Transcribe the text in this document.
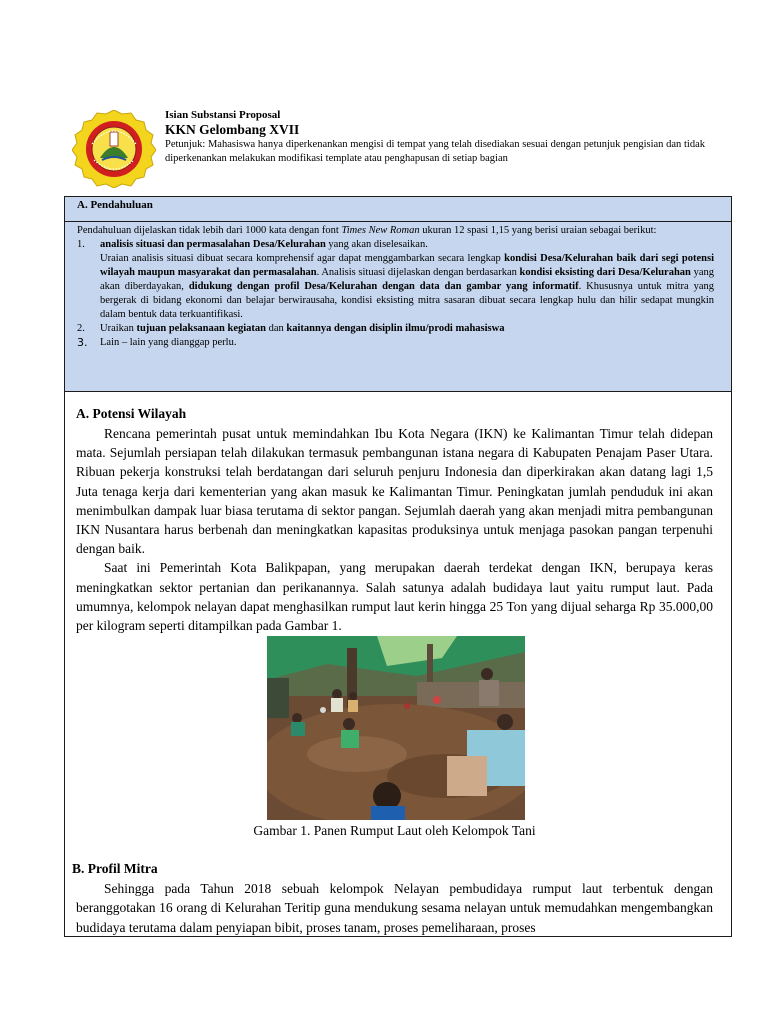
Isian Substansi Proposal
KKN Gelombang XVII
Petunjuk: Mahasiswa hanya diperkenankan mengisi di tempat yang telah disediakan sesuai dengan petunjuk pengisian dan tidak diperkenankan melakukan modifikasi template atau penghapusan di setiap bagian
A. Pendahuluan
Pendahuluan dijelaskan tidak lebih dari 1000 kata dengan font Times New Roman ukuran 12 spasi 1,15 yang berisi uraian sebagai berikut:
1. analisis situasi dan permasalahan Desa/Kelurahan yang akan diselesaikan.
Uraian analisis situasi dibuat secara komprehensif agar dapat menggambarkan secara lengkap kondisi Desa/Kelurahan baik dari segi potensi wilayah maupun masyarakat dan permasalahan. Analisis situasi dijelaskan dengan berdasarkan kondisi eksisting dari Desa/Kelurahan yang akan diberdayakan, didukung dengan profil Desa/Kelurahan dengan data dan gambar yang informatif. Khususnya untuk mitra yang bergerak di bidang ekonomi dan belajar berwirausaha, kondisi eksisting mitra sasaran dibuat secara lengkap hulu dan hilir sedapat mungkin dalam bentuk data terkuantifikasi.
2. Uraikan tujuan pelaksanaan kegiatan dan kaitannya dengan disiplin ilmu/prodi mahasiswa
3. Lain – lain yang dianggap perlu.
A. Potensi Wilayah

Rencana pemerintah pusat untuk memindahkan Ibu Kota Negara (IKN) ke Kalimantan Timur telah didepan mata. Sejumlah persiapan telah dilakukan termasuk pembangunan istana negara di Kabupaten Penajam Paser Utara. Ribuan pekerja konstruksi telah berdatangan dari seluruh penjuru Indonesia dan diperkirakan akan datang lagi 1,5 Juta tenaga kerja dari kementerian yang akan masuk ke Kalimantan Timur. Peningkatan jumlah penduduk ini akan menimbulkan dampak luar biasa terutama di sektor pangan. Sejumlah daerah yang akan menjadi mitra pembangunan IKN Nusantara harus berbenah dan meningkatkan kapasitas produksinya untuk menjaga pasokan pangan terpenuhi dengan baik.

Saat ini Pemerintah Kota Balikpapan, yang merupakan daerah terdekat dengan IKN, berupaya keras meningkatkan sektor pertanian dan perikanannya. Salah satunya adalah budidaya laut yaitu rumput laut. Pada umumnya, kelompok nelayan dapat menghasilkan rumput laut kerin hingga 25 Ton yang dijual seharga Rp 35.000,00 per kilogram seperti ditampilkan pada Gambar 1.

Gambar 1. Panen Rumput Laut oleh Kelompok Tani
B. Profil Mitra

Sehingga pada Tahun 2018 sebuah kelompok Nelayan pembudidaya rumput laut terbentuk dengan beranggotakan 16 orang di Kelurahan Teritip guna mendukung sesama nelayan untuk memudahkan mengembangkan budidaya terutama dalam penyiapan bibit, proses tanam, proses pemeliharaan, proses
